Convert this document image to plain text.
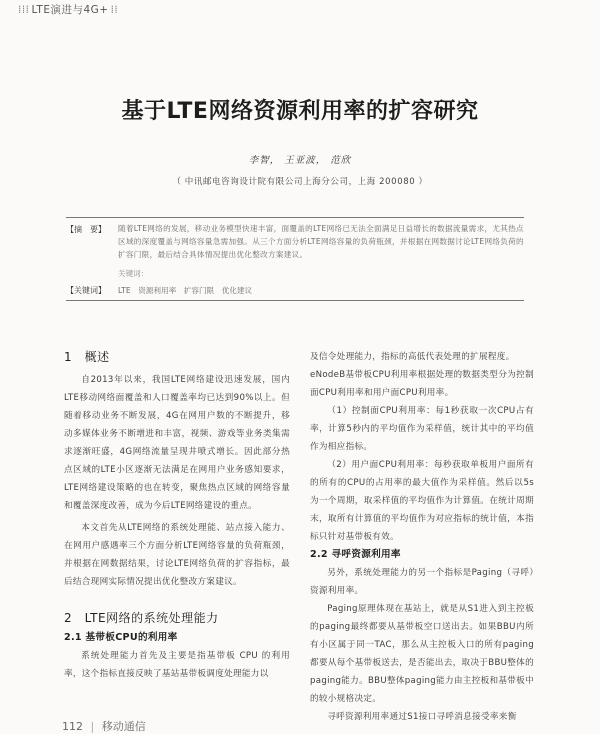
⁞⁞⁞ LTE演进与4G+ ⁞⁞
基于LTE网络资源利用率的扩容研究
李智， 王亚波， 范欣
（ 中讯邮电咨询设计院有限公司上海分公司，上海 200080 ）
【摘　要】 随着LTE网络的发展，移动业务模型快速丰富，面覆盖的LTE网络已无法全面满足日益增长的数据流量需求，尤其热点区域的深度覆盖与网络容量急需加强。从三个方面分析LTE网络容量的负荷瓶颈，并根据在网数据讨论LTE网络负荷的扩容门限，最后结合具体情况提出优化整改方案建议。
关键词：
【关键词】 LTE　资源利用率　扩容门限　优化建议
1　概述

自2013年以来，我国LTE网络建设迅速发展，国内LTE移动网络面覆盖和人口覆盖率均已达到90%以上。但随着移动业务不断发展，4G在网用户数的不断提升，移动多媒体业务不断增进和丰富，视频、游戏等业务类集需求逐渐旺盛，4G网络流量呈现井喷式增长。因此部分热点区域的LTE小区逐渐无法满足在网用户业务感知要求，LTE网络建设策略的也在转变，聚焦热点区域的网络容量和覆盖深度改善，成为今后LTE网络建设的重点。

本文首先从LTE网络的系统处理能、站点接入能力、在网用户感遇率三个方面分析LTE网络容量的负荷瓶颈，并根据在网数据结果，讨论LTE网络负荷的扩容指标，最后结合现网实际情况提出优化整改方案建议。

2　LTE网络的系统处理能力
2.1 基带板CPU的利用率

系统处理能力首先及主要是指基带板 CPU 的利用率，这个指标直接反映了基站基带板调度处理能力以

及信令处理能力，指标的高低代表处理的扩展程度。

eNodeB基带板CPU利用率根据处理的数据类型分为控制面CPU利用率和用户面CPU利用率。

（1）控制面CPU利用率：每1秒获取一次CPU占有率，计算5秒内的平均值作为采样值，统计其中的平均值作为相应指标。

（2）用户面CPU利用率：每秒获取单板用户面所有的所有的CPU的占用率的最大值作为采样值。然后以5s为一个周期，取采样值的平均值作为计算值。在统计周期末，取所有计算值的平均值作为对应指标的统计值，本指标只针对基带板有效。

2.2 寻呼资源利用率

另外，系统处理能力的另一个指标是Paging（寻呼）资源利用率。

Paging原理体现在基站上，就是从S1进入到主控板的paging最终都要从基带板空口送出去。如果BBU内所有小区属于同一TAC，那么从主控板入口的所有paging都要从每个基带板送去，是否能出去，取决于BBU整体的paging能力。BBU整体paging能力由主控板和基带板中的较小规格决定。

寻呼资源利用率通过S1接口寻呼消息接受率来衡

112 | 移动通信
